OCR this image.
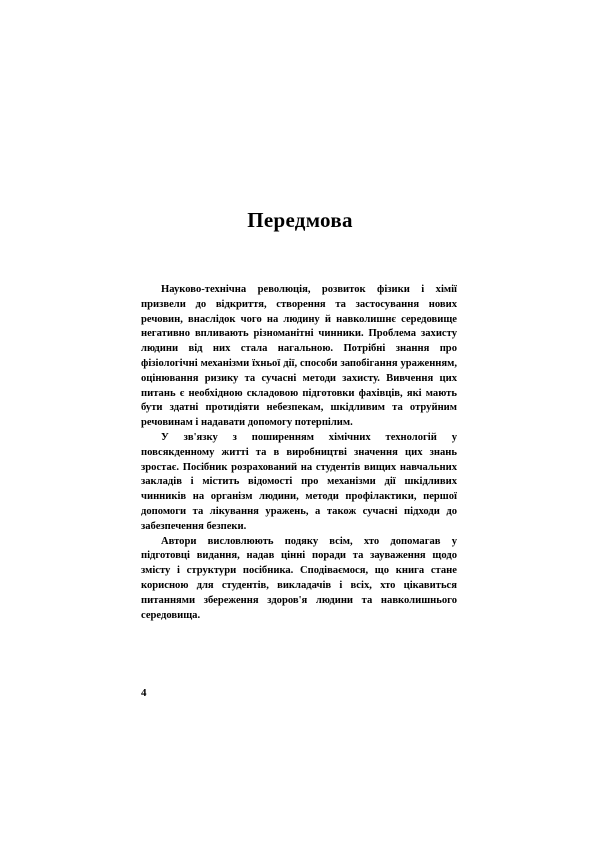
Передмова

Науково-технічна революція, розвиток фізики і хімії призвели до відкриття, створення та застосування нових речовин, внаслідок чого на людину й навколишнє середовище негативно впливають різноманітні чинники. Проблема захисту людини від них стала нагальною. Потрібні знання про фізіологічні механізми їхньої дії, способи запобігання ураженням, оцінювання ризику та сучасні методи захисту. Вивчення цих питань є необхідною складовою підготовки фахівців, які мають бути здатні протидіяти небезпекам, шкідливим та отруйним речовинам і надавати допомогу потерпілим.

У зв'язку з поширенням хімічних технологій у повсякденному житті та в виробництві значення цих знань зростає. Посібник розрахований на студентів вищих навчальних закладів і містить відомості про механізми дії шкідливих чинників на організм людини, методи профілактики, першої допомоги та лікування уражень, а також сучасні підходи до забезпечення безпеки.

Автори висловлюють подяку всім, хто допомагав у підготовці видання, надав цінні поради та зауваження щодо змісту і структури посібника. Сподіваємося, що книга стане корисною для студентів, викладачів і всіх, хто цікавиться питаннями збереження здоров'я людини та навколишнього середовища.

4
